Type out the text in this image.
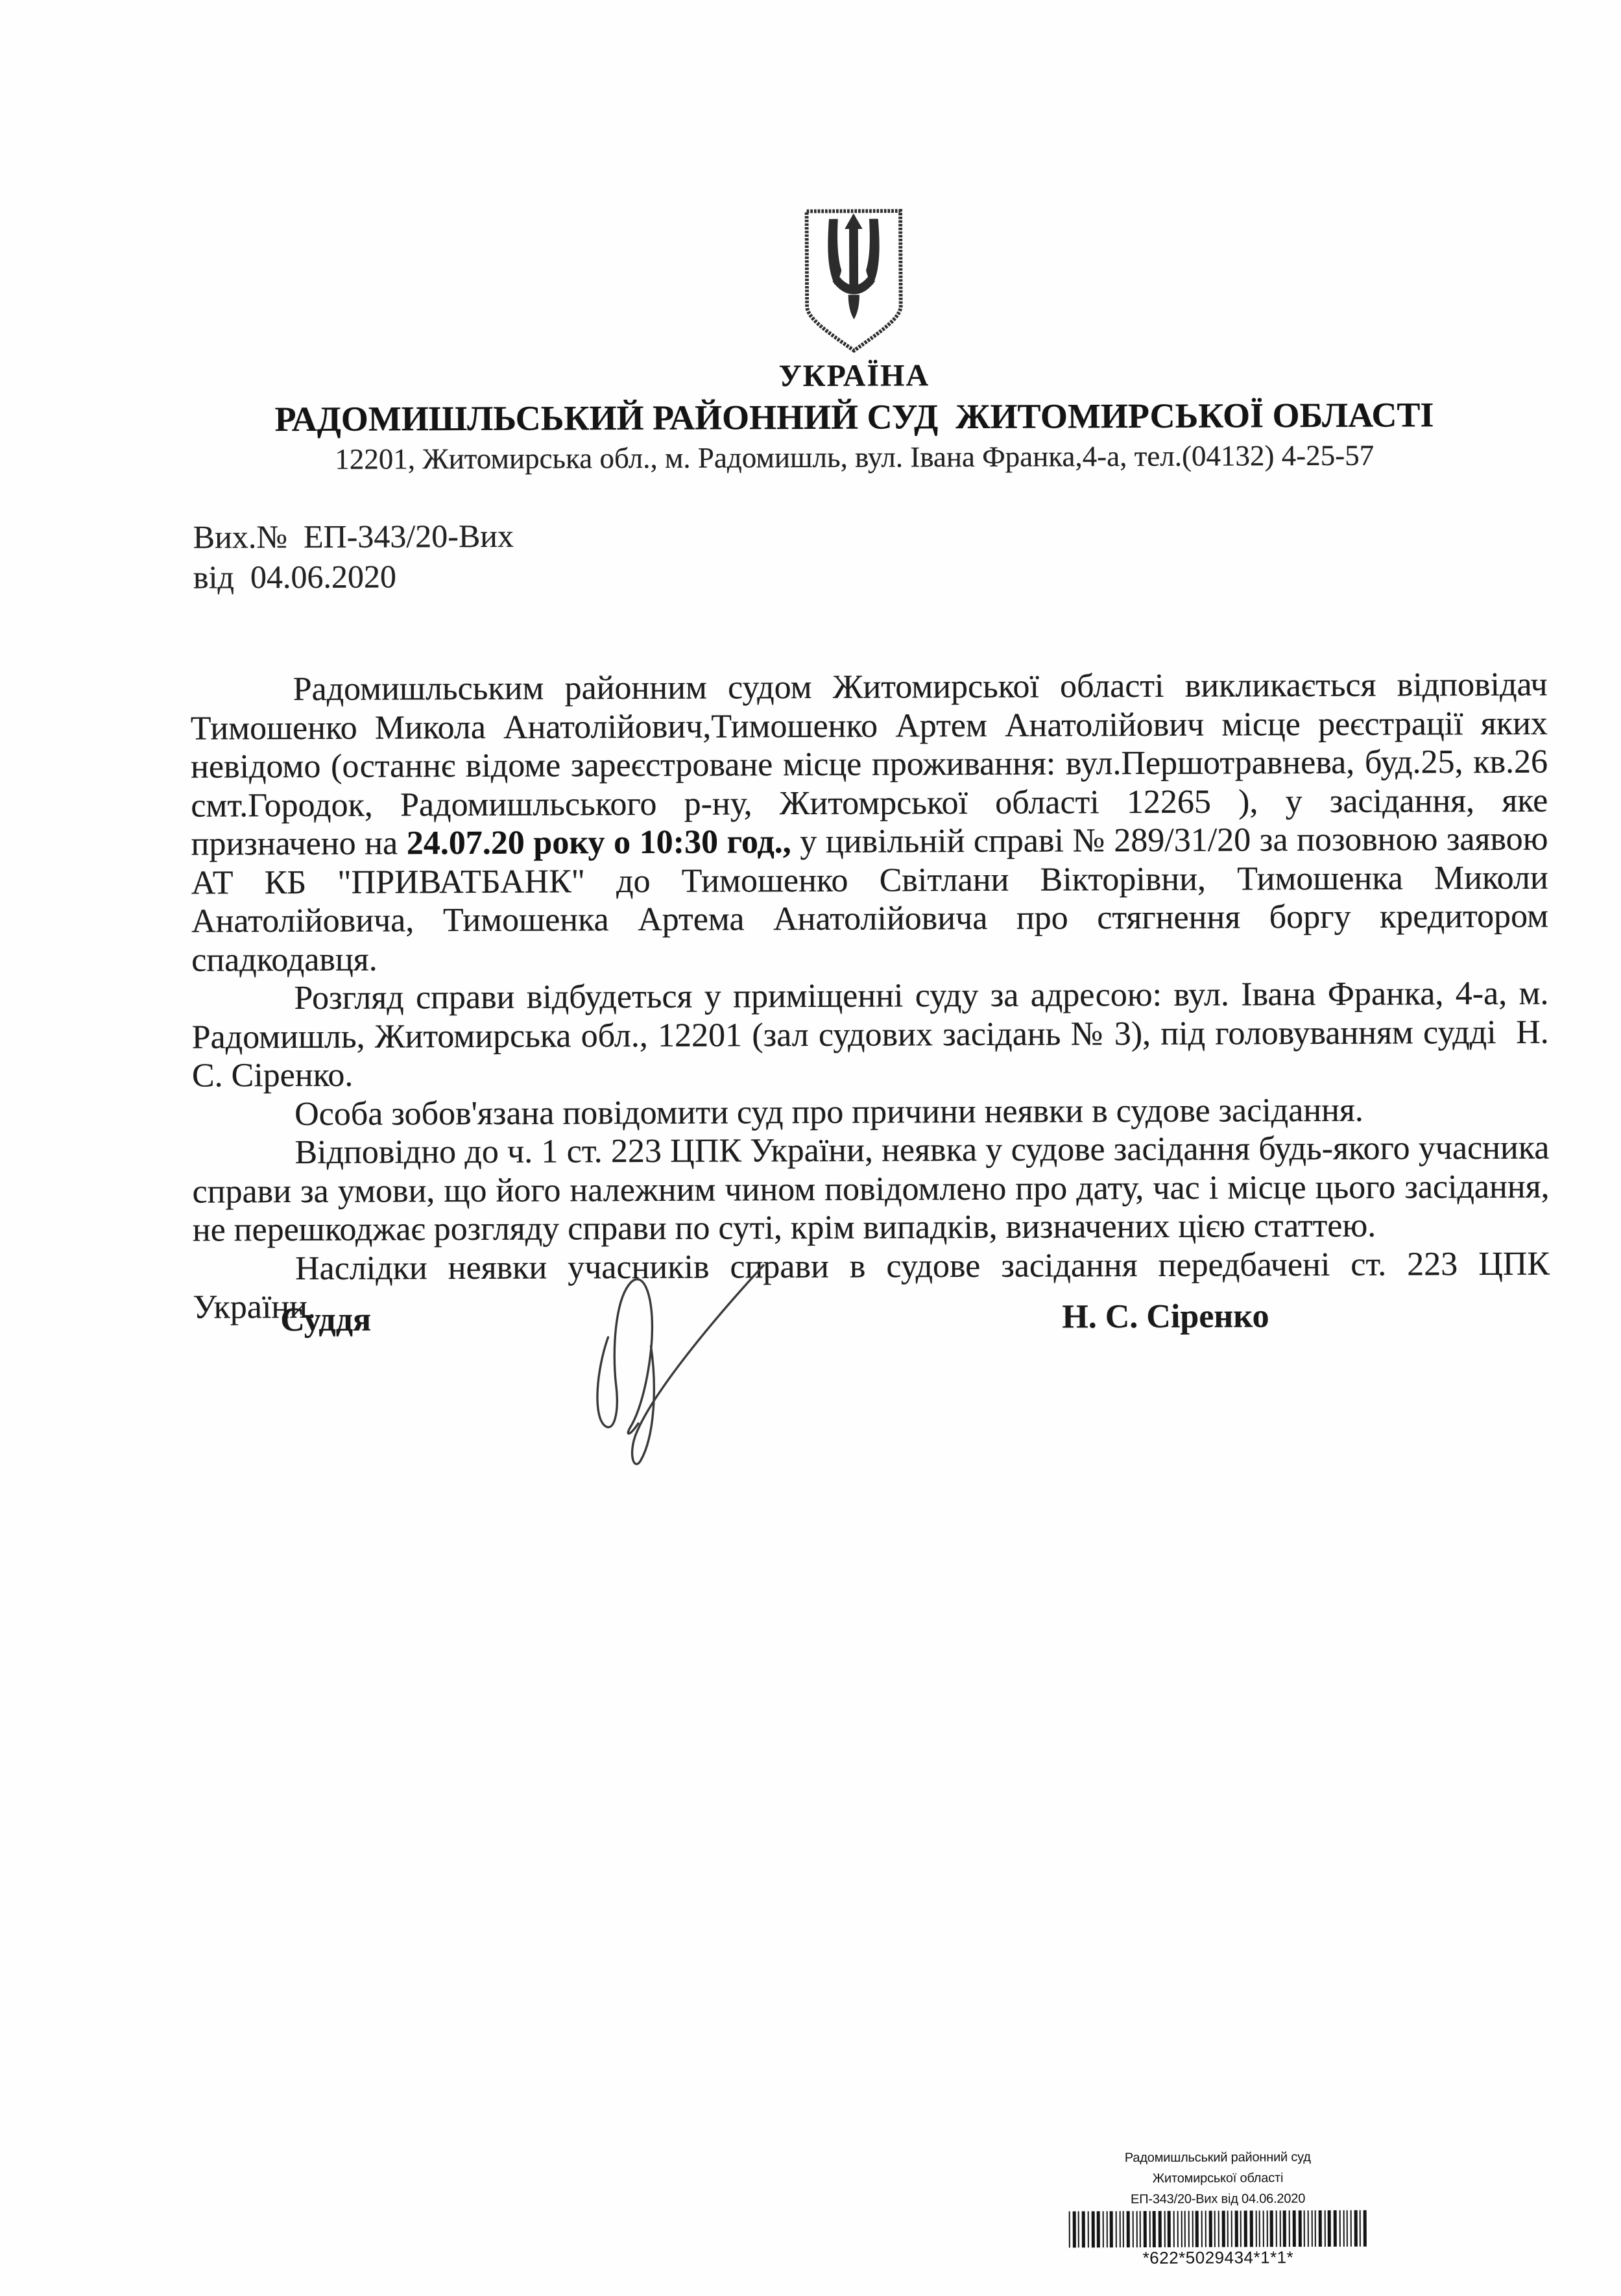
УКРАЇНА
РАДОМИШЛЬСЬКИЙ РАЙОННИЙ СУД  ЖИТОМИРСЬКОЇ ОБЛАСТІ
12201, Житомирська обл., м. Радомишль, вул. Івана Франка,4-а, тел.(04132) 4-25-57
Вих.№  ЕП-343/20-Вих
від  04.06.2020

Радомишльським районним судом Житомирської області викликається відповідач Тимошенко Микола Анатолійович,Тимошенко Артем Анатолійович місце реєстрації яких невідомо (останнє відоме зареєстроване місце проживання: вул.Першотравнева, буд.25, кв.26 смт.Городок, Радомишльського р-ну, Житомрської області 12265 ), у засідання, яке призначено на 24.07.20 року о 10:30 год., у цивільній справі № 289/31/20 за позовною заявою АТ КБ "ПРИВАТБАНК" до Тимошенко Світлани Вікторівни, Тимошенка Миколи Анатолійовича, Тимошенка Артема Анатолійовича про стягнення боргу кредитором спадкодавця.

Розгляд справи відбудеться у приміщенні суду за адресою: вул. Івана Франка, 4-а, м. Радомишль, Житомирська обл., 12201 (зал судових засідань № 3), під головуванням судді  Н. С. Сіренко.

Особа зобов'язана повідомити суд про причини неявки в судове засідання.

Відповідно до ч. 1 ст. 223 ЦПК України, неявка у судове засідання будь-якого учасника справи за умови, що його належним чином повідомлено про дату, час і місце цього засідання, не перешкоджає розгляду справи по суті, крім випадків, визначених цією статтею.

Наслідки неявки учасників справи в судове засідання передбачені ст. 223 ЦПК України.

Суддя	Н. С. Сіренко
Радомишльський районний суд
Житомирської області
ЕП-343/20-Вих від 04.06.2020
*622*5029434*1*1*
